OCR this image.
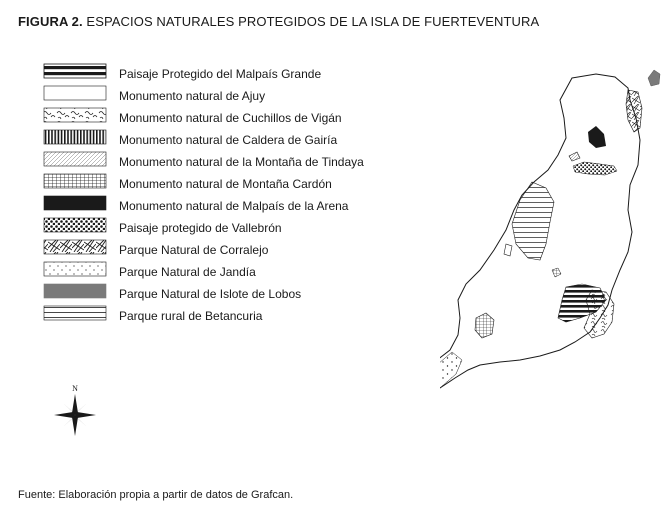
FIGURA 2. ESPACIOS NATURALES PROTEGIDOS DE LA ISLA DE FUERTEVENTURA
Paisaje Protegido del Malpaís Grande
Monumento natural de Ajuy
Monumento natural de Cuchillos de Vigán
Monumento natural de Caldera de Gairía
Monumento natural de la Montaña de Tindaya
Monumento natural de Montaña Cardón
Monumento natural de Malpaís de la Arena
Paisaje protegido de Vallebrón
Parque Natural de Corralejo
Parque Natural de Jandía
Parque Natural de Islote de Lobos
Parque rural de Betancuria
N
Fuente: Elaboración propia a partir de datos de Grafcan.
